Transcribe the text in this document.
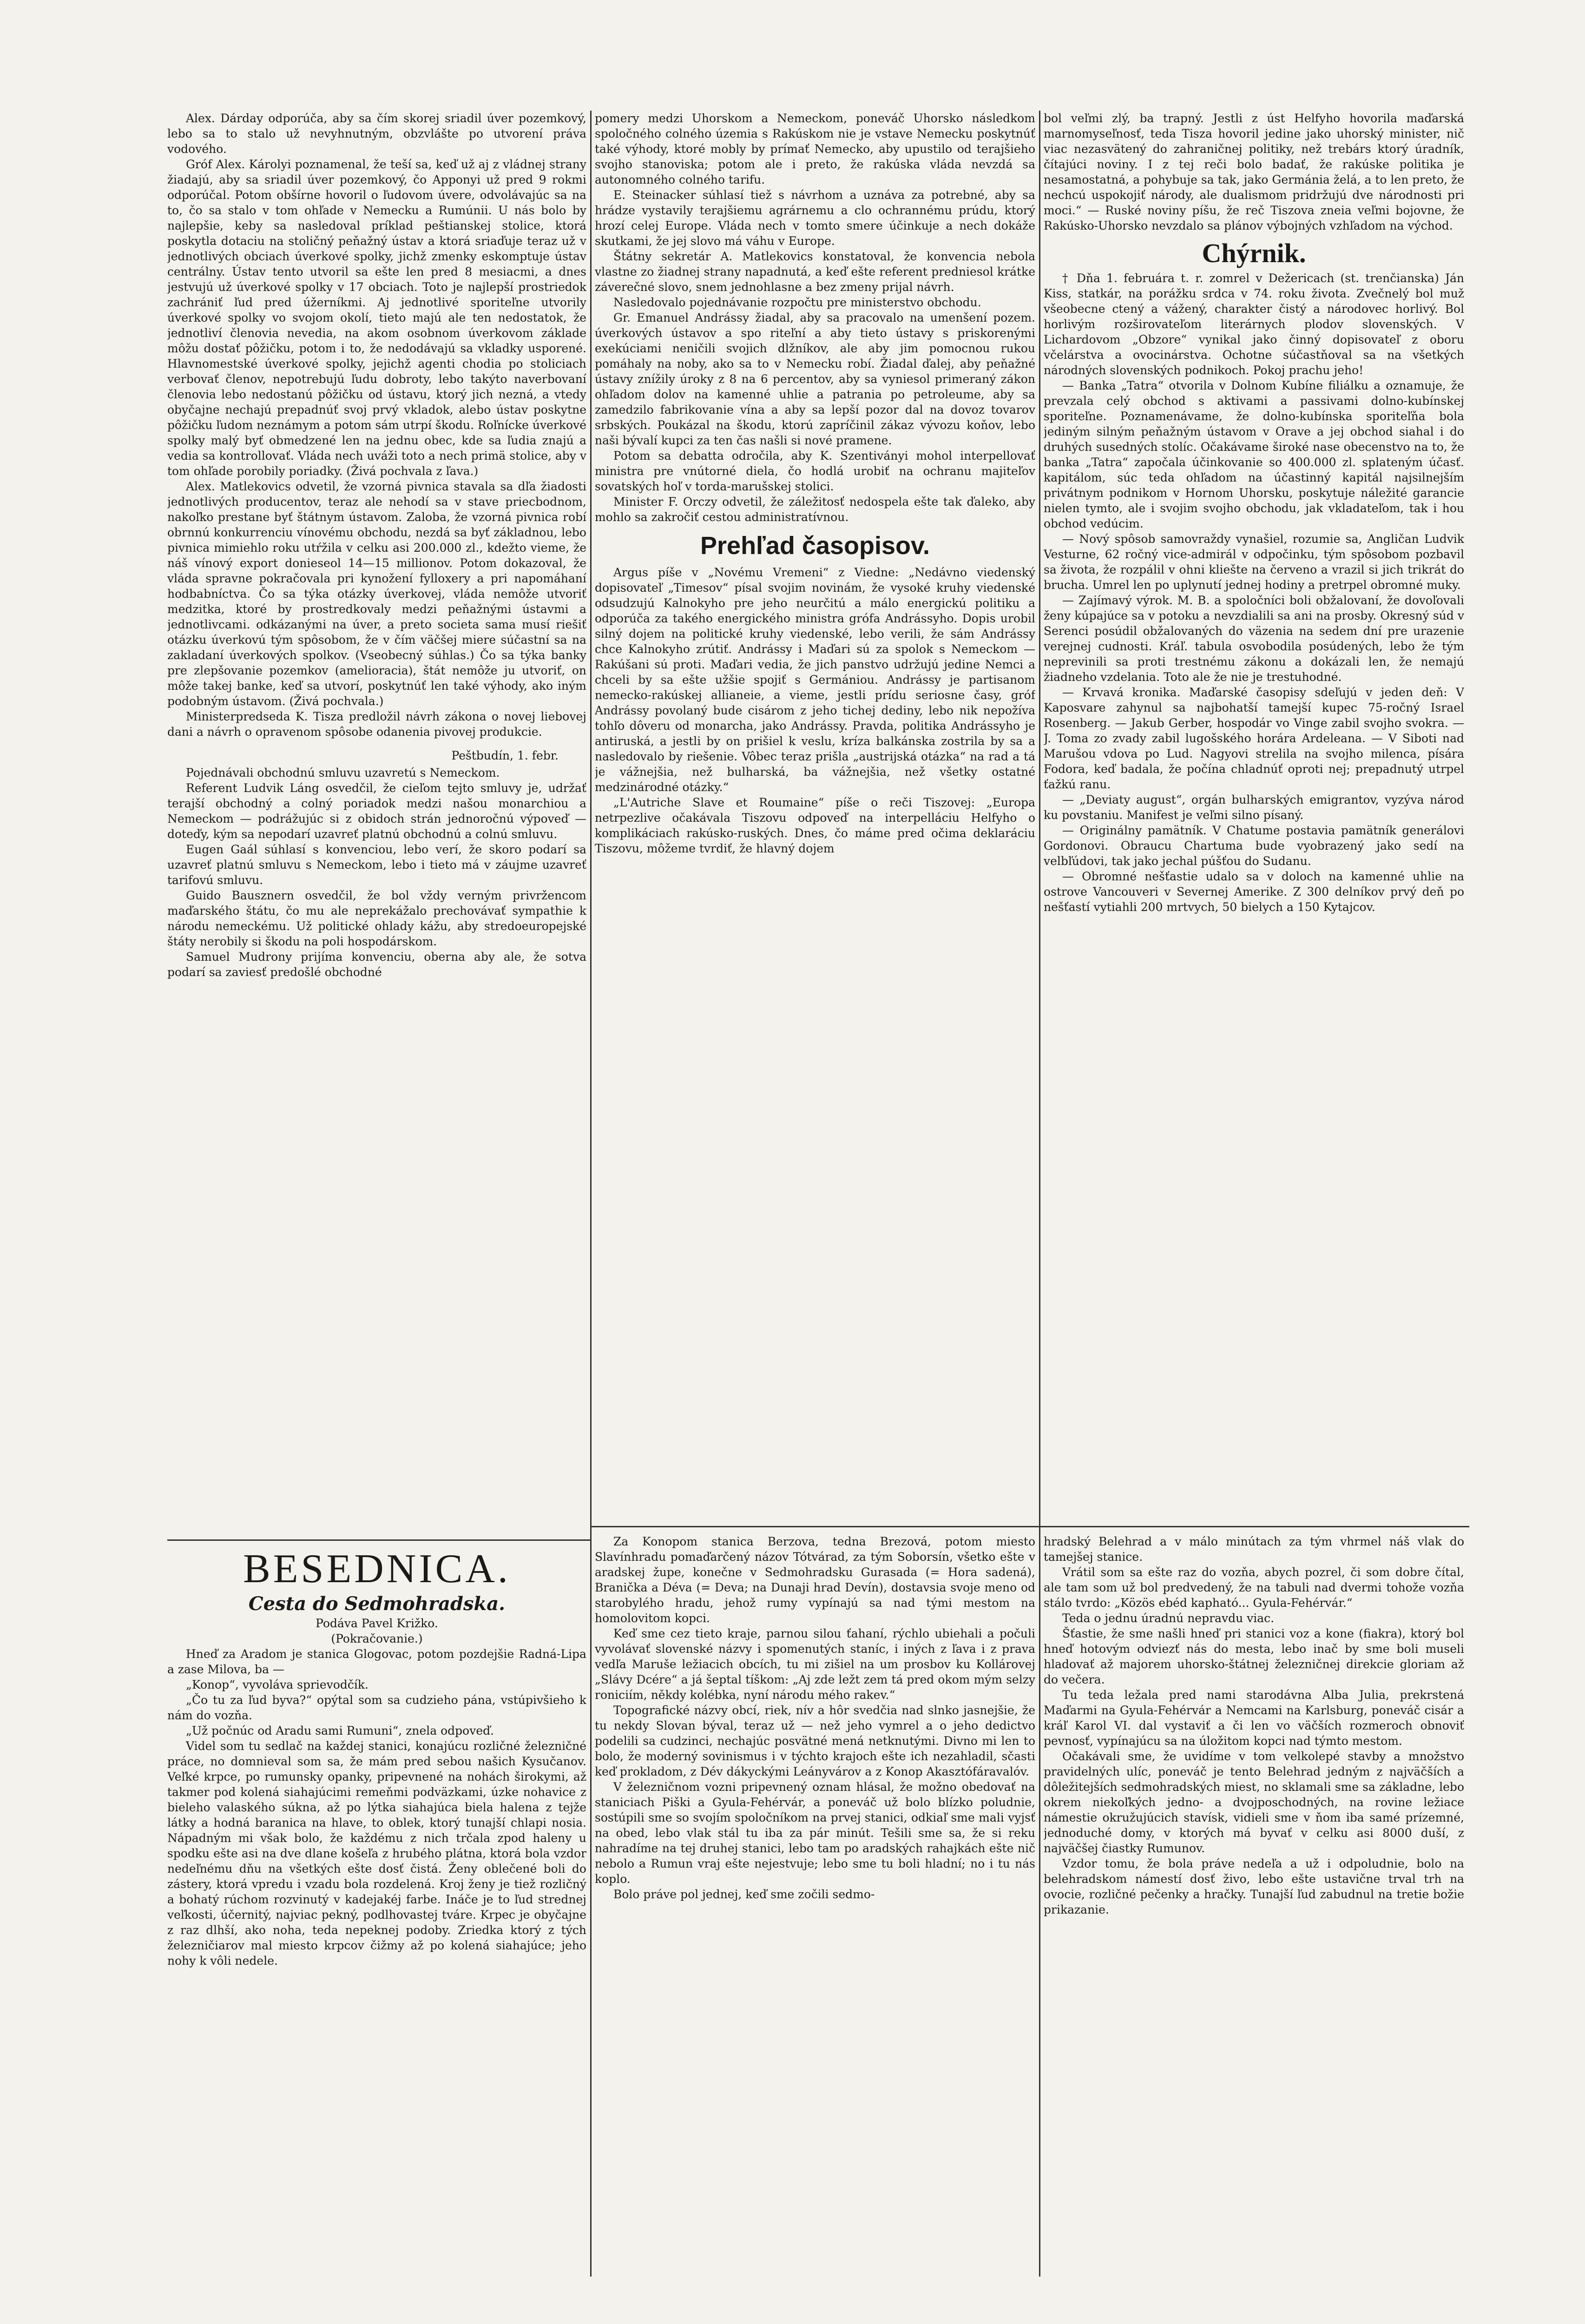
Alex. Dárday odporúča, aby sa čím skorej sriadil úver pozemkový, lebo sa to stalo už nevyhnutným, obzvlášte po utvorení práva vodového.

Gróf Alex. Károlyi poznamenal, že teší sa, keď už aj z vládnej strany žiadajú, aby sa sriadil úver pozemkový, čo Apponyi už pred 9 rokmi odporúčal. Potom obšírne hovoril o ľudovom úvere, odvolávajúc sa na to, čo sa stalo v tom ohľade v Nemecku a Rumúnii. U nás bolo by najlepšie, keby sa nasledoval príklad peštianskej stolice, ktorá poskytla dotaciu na stoličný peňažný ústav a ktorá sriaďuje teraz už v jednotlivých obciach úverkové spolky, jichž zmenky eskomptuje ústav centrálny. Ústav tento utvoril sa ešte len pred 8 mesiacmi, a dnes jestvujú už úverkové spolky v 17 obciach. Toto je najlepší prostriedok zachrániť ľud pred úžerníkmi. Aj jednotlivé sporiteľne utvorily úverkové spolky vo svojom okolí, tieto majú ale ten nedostatok, že jednotliví členovia nevedia, na akom osobnom úverkovom základe môžu dostať pôžičku, potom i to, že nedodávajú sa vkladky usporené. Hlavnomestské úverkové spolky, jejichž agenti chodia po stoliciach verbovať členov, nepotrebujú ľudu dobroty, lebo takýto naverbovaní členovia lebo nedostanú pôžičku od ústavu, ktorý jich nezná, a vtedy obyčajne nechajú prepadnúť svoj prvý vkladok, alebo ústav poskytne pôžičku ľudom neznámym a potom sám utrpí škodu. Roľnícke úverkové spolky malý byť obmedzené len na jednu obec, kde sa ľudia znajú a vedia sa kontrollovať. Vláda nech uváži toto a nech primä stolice, aby v tom ohľade porobily poriadky. (Živá pochvala z ľava.)

Alex. Matlekovics odvetil, že vzorná pivnica stavala sa dľa žiadosti jednotlivých producentov, teraz ale nehodí sa v stave priecbodnom, nakoľko prestane byť štátnym ústavom. Zaloba, že vzorná pivnica robí obrnnú konkurrenciu vínovému obchodu, nezdá sa byť základnou, lebo pivnica mimiehlo roku utŕžila v celku asi 200.000 zl., kdežto vieme, že náš vínový export donieseol 14—15 millionov. Potom dokazoval, že vláda spravne pokračovala pri kynožení fylloxery a pri napomáhaní hodbabníctva. Čo sa týka otázky úverkovej, vláda nemôže utvoriť medzitka, ktoré by prostredkovaly medzi peňažnými ústavmi a jednotlivcami. odkázanými na úver, a preto societa sama musí riešiť otázku úverkovú tým spôsobom, že v čím väčšej miere súčastní sa na zakladaní úverkových spolkov. (Vseobecný súhlas.) Čo sa týka banky pre zlepšovanie pozemkov (amelioracia), štát nemôže ju utvoriť, on môže takej banke, keď sa utvorí, poskytnúť len také výhody, ako iným podobným ústavom. (Živá pochvala.)

Ministerpredseda K. Tisza predložil návrh zákona o novej liebovej dani a návrh o opravenom spôsobe odanenia pivovej produkcie.

Peštbudín, 1. febr.

Pojednávali obchodnú smluvu uzavretú s Nemeckom.

Referent Ludvik Láng osvedčil, že cieľom tejto smluvy je, udržať terajší obchodný a colný poriadok medzi našou monarchiou a Nemeckom — podrážujúc si z obidoch strán jednoročnú výpoveď — doteďy, kým sa nepodarí uzavreť platnú obchodnú a colnú smluvu.

Eugen Gaál súhlasí s konvenciou, lebo verí, že skoro podarí sa uzavreť platnú smluvu s Nemeckom, lebo i tieto má v záujme uzavreť tarifovú smluvu.

Guido Bausznern osvedčil, že bol vždy verným privržencom maďarského štátu, čo mu ale neprekážalo prechovávať sympathie k národu nemeckému. Už politické ohlady kážu, aby stredoeuropejské štáty nerobily si škodu na poli hospodárskom.

Samuel Mudrony prijíma konvenciu, oberna aby ale, že sotva podarí sa zaviesť predošlé obchodné

pomery medzi Uhorskom a Nemeckom, poneváč Uhorsko následkom spoločného colného územia s Rakúskom nie je vstave Nemecku poskytnúť také výhody, ktoré mobly by prímať Nemecko, aby upustilo od terajšieho svojho stanoviska; potom ale i preto, že rakúska vláda nevzdá sa autonomného colného tarifu.

E. Steinacker súhlasí tiež s návrhom a uznáva za potrebné, aby sa hrádze vystavily terajšiemu agrárnemu a clo ochrannému prúdu, ktorý hrozí celej Europe. Vláda nech v tomto smere účinkuje a nech dokáže skutkami, že jej slovo má váhu v Europe.

Štátny sekretár A. Matlekovics konstatoval, že konvencia nebola vlastne zo žiadnej strany napadnutá, a keď ešte referent predniesol krátke záverečné slovo, snem jednohlasne a bez zmeny prijal návrh.

Nasledovalo pojednávanie rozpočtu pre ministerstvo obchodu.

Gr. Emanuel Andrássy žiadal, aby sa pracovalo na umenšení pozem. úverkových ústavov a spo riteľní a aby tieto ústavy s priskorenými exekúciami neničili svojich dlžníkov, ale aby jim pomocnou rukou pomáhaly na noby, ako sa to v Nemecku robí. Žiadal ďalej, aby peňažné ústavy znížily úroky z 8 na 6 percentov, aby sa vyniesol primeraný zákon ohľadom dolov na kamenné uhlie a patrania po petroleume, aby sa zamedzilo fabrikovanie vína a aby sa lepší pozor dal na dovoz tovarov srbských. Poukázal na škodu, ktorú zapríčinil zákaz vývozu koňov, lebo naši bývalí kupci za ten čas našli si nové pramene.

Potom sa debatta odročila, aby K. Szentiványi mohol interpellovať ministra pre vnútorné diela, čo hodlá urobiť na ochranu majiteľov sovatských hoľ v torda-marušskej stolici.

Minister F. Orczy odvetil, že záležitosť nedospela ešte tak ďaleko, aby mohlo sa zakročiť cestou administratívnou.

Prehľad časopisov.

Argus píše v „Novému Vremeni“ z Viedne: „Nedávno viedenský dopisovateľ „Timesov“ písal svojim novinám, že vysoké kruhy viedenské odsudzujú Kalnokyho pre jeho neurčitú a málo energickú politiku a odporúča za takého energického ministra grófa Andrássyho. Dopis urobil silný dojem na politické kruhy viedenské, lebo verili, že sám Andrássy chce Kalnokyho zrútiť. Andrássy i Maďari sú za spolok s Nemeckom — Rakúšani sú proti. Maďari vedia, že jich panstvo udržujú jedine Nemci a chceli by sa ešte užšie spojiť s Germániou. Andrássy je partisanom nemecko-rakúskej allianeie, a vieme, jestli prídu seriosne časy, gróf Andrássy povolaný bude cisárom z jeho tichej dediny, lebo nik nepožíva tohľo dôveru od monarcha, jako Andrássy. Pravda, politika Andrássyho je antiruská, a jestli by on prišiel k veslu, kríza balkánska zostrila by sa a nasledovalo by riešenie. Vôbec teraz prišla „austrijská otázka“ na rad a tá je vážnejšia, než bulharská, ba vážnejšia, než všetky ostatné medzinárodné otázky.“

„L'Autriche Slave et Roumaine“ píše o reči Tiszovej: „Europa netrpezlive očakávala Tiszovu odpoveď na interpelláciu Helfyho o komplikáciach rakúsko-ruských. Dnes, čo máme pred očima deklaráciu Tiszovu, môžeme tvrdiť, že hlavný dojem

bol veľmi zlý, ba trapný. Jestli z úst Helfyho hovorila maďarská marnomyseľnosť, teda Tisza hovoril jedine jako uhorský minister, nič viac nezasvätený do zahraničnej politiky, než trebárs ktorý úradník, čítajúci noviny. I z tej reči bolo badať, že rakúske politika je nesamostatná, a pohybuje sa tak, jako Germánia želá, a to len preto, že nechcú uspokojiť národy, ale dualismom pridržujú dve národnosti pri moci.“ — Ruské noviny píšu, že reč Tiszova zneia veľmi bojovne, že Rakúsko-Uhorsko nevzdalo sa plánov výbojných vzhľadom na východ.

Chýrnik.

† Dňa 1. februára t. r. zomrel v Dežericach (st. trenčianska) Ján Kiss, statkár, na porážku srdca v 74. roku života. Zvečnelý bol muž všeobecne ctený a vážený, charakter čistý a národovec horlivý. Bol horlivým rozširovateľom literárnych plodov slovenských. V Lichardovom „Obzore“ vynikal jako činný dopisovateľ z oboru včelárstva a ovocinárstva. Ochotne súčastňoval sa na všetkých národných slovenských podnikoch. Pokoj prachu jeho!

— Banka „Tatra“ otvorila v Dolnom Kubíne filiálku a oznamuje, že prevzala celý obchod s aktivami a passivami dolno-kubínskej sporiteľne. Poznamenávame, že dolno-kubínska sporiteľňa bola jediným silným peňažným ústavom v Orave a jej obchod siahal i do druhých susedných stolíc. Očakávame široké nase obecenstvo na to, že banka „Tatra“ započala účinkovanie so 400.000 zl. splateným účasť. kapitálom, súc teda ohľadom na účastinný kapitál najsilnejším privátnym podnikom v Hornom Uhorsku, poskytuje náležité garancie nielen tymto, ale i svojim svojho obchodu, jak vkladateľom, tak i hou obchod vedúcim.

— Nový spôsob samovraždy vynašiel, rozumie sa, Angličan Ludvik Vesturne, 62 ročný vice-admirál v odpočinku, tým spôsobom pozbavil sa života, že rozpálil v ohni kliešte na červeno a vrazil si jich trikrát do brucha. Umrel len po uplynutí jednej hodiny a pretrpel obromné muky.

— Zajímavý výrok. M. B. a spoločníci boli obžalovaní, že dovoľovali ženy kúpajúce sa v potoku a nevzdialili sa ani na prosby. Okresný súd v Serenci posúdil obžalovaných do väzenia na sedem dní pre urazenie verejnej cudnosti. Kráľ. tabula osvobodila posúdených, lebo že tým neprevinili sa proti trestnému zákonu a dokázali len, že nemajú žiadneho vzdelania. Toto ale že nie je trestuhodné.

— Krvavá kronika. Maďarské časopisy sdeľujú v jeden deň: V Kaposvare zahynul sa najbohatší tamejší kupec 75-ročný Israel Rosenberg. — Jakub Gerber, hospodár vo Vinge zabil svojho svokra. — J. Toma zo zvady zabil lugošského horára Ardeleana. — V Siboti nad Marušou vdova po Lud. Nagyovi strelila na svojho milenca, písára Fodora, keď badala, že počína chladnúť oproti nej; prepadnutý utrpel ťažkú ranu.

— „Deviaty august“, orgán bulharských emigrantov, vyzýva národ ku povstaniu. Manifest je veľmi silno písaný.

— Originálny pamätník. V Chatume postavia pamätník generálovi Gordonovi. Obraucu Chartuma bude vyobrazený jako sedí na velbľúdovi, tak jako jechal púšťou do Sudanu.

— Obromné nešťastie udalo sa v doloch na kamenné uhlie na ostrove Vancouveri v Severnej Amerike. Z 300 delníkov prvý deň po nešťastí vytiahli 200 mrtvych, 50 bielych a 150 Kytajcov.

BESEDNICA.
Cesta do Sedmohradska.

Podáva Pavel Križko.

(Pokračovanie.)

Hneď za Aradom je stanica Glogovac, potom pozdejšie Radná-Lipa a zase Milova, ba —

„Konop“, vyvoláva sprievodčík.

„Čo tu za ľud byva?“ opýtal som sa cudzieho pána, vstúpivšieho k nám do vozňa.

„Už počnúc od Aradu sami Rumuni“, znela odpoveď.

Videl som tu sedlač na každej stanici, konajúcu rozličné železničné práce, no domnieval som sa, že mám pred sebou našich Kysučanov. Veľké krpce, po rumunsky opanky, pripevnené na nohách širokymi, až takmer pod kolená siahajúcimi remeňmi podväzkami, úzke nohavice z bieleho valaského súkna, až po lýtka siahajúca biela halena z tejže látky a hodná baranica na hlave, to oblek, ktorý tunajší chlapi nosia. Nápadným mi však bolo, že každému z nich trčala zpod haleny u spodku ešte asi na dve dlane košeľa z hrubého plátna, ktorá bola vzdor nedeľnému dňu na všetkých ešte dosť čistá. Ženy oblečené boli do zástery, ktorá vpredu i vzadu bola rozdelená. Kroj ženy je tiež rozličný a bohatý rúchom rozvinutý v kadejakéj farbe. Ináče je to ľud strednej veľkosti, účernitý, najviac pekný, podlhovastej tváre. Krpec je obyčajne z raz dlhší, ako noha, teda nepeknej podoby. Zriedka ktorý z tých železničiarov mal miesto krpcov čižmy až po kolená siahajúce; jeho nohy k vôli nedele.

Za Konopom stanica Berzova, tedna Brezová, potom miesto Slavínhradu pomaďarčený názov Tótvárad, za tým Soborsín, všetko ešte v aradskej župe, konečne v Sedmohradsku Gurasada (= Hora sadená), Branička a Déva (= Deva; na Dunaji hrad Devín), dostavsia svoje meno od starobylého hradu, jehož rumy vypínajú sa nad tými mestom na homolovitom kopci.

Keď sme cez tieto kraje, parnou silou ťahaní, rýchlo ubiehali a počuli vyvolávať slovenské názvy i spomenutých staníc, i iných z ľava i z prava vedľa Maruše ležiacich obcích, tu mi zišiel na um prosbov ku Kollárovej „Slávy Dcére“ a já šeptal tíškom: „Aj zde ležt zem tá pred okom mým selzy roniciím, někdy kolébka, nyní národu mého rakev.“

Topografické názvy obcí, riek, nív a hôr svedčia nad slnko jasnejšie, že tu nekdy Slovan býval, teraz už — než jeho vymrel a o jeho dedictvo podelili sa cudzinci, nechajúc posvätné mená netknutými. Divno mi len to bolo, že moderný sovinismus i v týchto krajoch ešte ich nezahladil, sčasti keď prokladom, z Dév dákyckými Leányvárov a z Konop Akasztófáravalóv.

V železničnom vozni pripevnený oznam hlásal, že možno obedovať na staniciach Piški a Gyula-Fehérvár, a poneváč už bolo blízko poludnie, sostúpili sme so svojím spoločníkom na prvej stanici, odkiaľ sme mali vyjsť na obed, lebo vlak stál tu iba za pár minút. Tešili sme sa, že si reku nahradíme na tej druhej stanici, lebo tam po aradských rahajkách ešte nič nebolo a Rumun vraj ešte nejestvuje; lebo sme tu boli hladní; no i tu nás koplo.

Bolo práve pol jednej, keď sme zočili sedmo-

hradský Belehrad a v málo minútach za tým vhrmel náš vlak do tamejšej stanice.

Vrátil som sa ešte raz do vozňa, abych pozrel, či som dobre čítal, ale tam som už bol predvedený, že na tabuli nad dvermi tohože vozňa stálo tvrdo: „Közös ebéd kapható... Gyula-Fehérvár.“

Teda o jednu úradnú nepravdu viac.

Šťastie, že sme našli hneď pri stanici voz a kone (fiakra), ktorý bol hneď hotovým odviezť nás do mesta, lebo inač by sme boli museli hladovať až majorem uhorsko-štátnej železničnej direkcie gloriam až do večera.

Tu teda ležala pred nami starodávna Alba Julia, prekrstená Maďarmi na Gyula-Fehérvár a Nemcami na Karlsburg, poneváč cisár a kráľ Karol VI. dal vystaviť a či len vo väčších rozmeroch obnoviť pevnosť, vypínajúcu sa na úložitom kopci nad týmto mestom.

Očakávali sme, že uvidíme v tom velkolepé stavby a množstvo pravidelných ulíc, poneváč je tento Belehrad jedným z najväčších a dôležitejších sedmohradských miest, no sklamali sme sa základne, lebo okrem niekoľkých jedno- a dvojposchodných, na rovine ležiace námestie okružujúcich stavísk, vidieli sme v ňom iba samé prízemné, jednoduché domy, v ktorých má byvať v celku asi 8000 duší, z najväčšej čiastky Rumunov.

Vzdor tomu, že bola práve nedeľa a už i odpoludnie, bolo na belehradskom námestí dosť živo, lebo ešte ustavične trval trh na ovocie, rozličné pečenky a hračky. Tunajší ľud zabudnul na tretie božie prikazanie.
